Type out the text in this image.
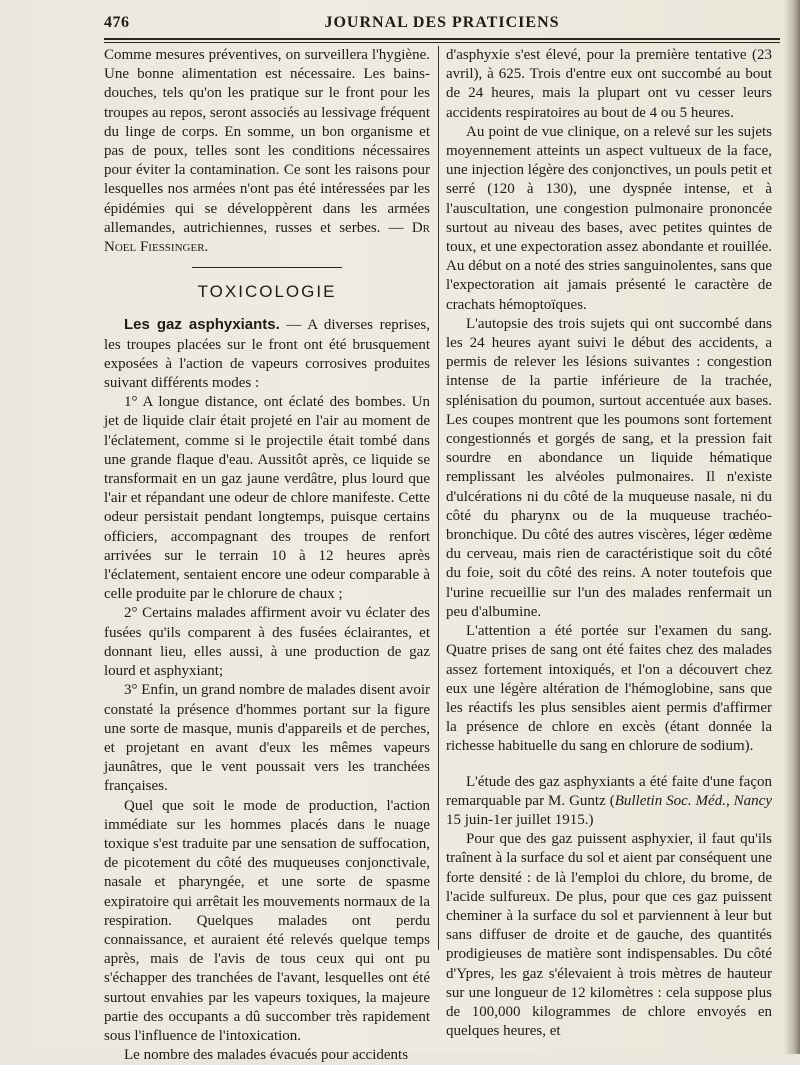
476	JOURNAL DES PRATICIENS

Comme mesures préventives, on surveillera l'hygiène. Une bonne alimentation est nécessaire. Les bains-douches, tels qu'on les pratique sur le front pour les troupes au repos, seront associés au lessivage fréquent du linge de corps. En somme, un bon organisme et pas de poux, telles sont les conditions nécessaires pour éviter la contamination. Ce sont les raisons pour lesquelles nos armées n'ont pas été intéressées par les épidémies qui se développèrent dans les armées allemandes, autrichiennes, russes et serbes. — Dr Noel Fiessinger.

TOXICOLOGIE

Les gaz asphyxiants. — A diverses reprises, les troupes placées sur le front ont été brusquement exposées à l'action de vapeurs corrosives produites suivant différents modes :

1° A longue distance, ont éclaté des bombes. Un jet de liquide clair était projeté en l'air au moment de l'éclatement, comme si le projectile était tombé dans une grande flaque d'eau. Aussitôt après, ce liquide se transformait en un gaz jaune verdâtre, plus lourd que l'air et répandant une odeur de chlore manifeste. Cette odeur persistait pendant longtemps, puisque certains officiers, accompagnant des troupes de renfort arrivées sur le terrain 10 à 12 heures après l'éclatement, sentaient encore une odeur comparable à celle produite par le chlorure de chaux ;

2° Certains malades affirment avoir vu éclater des fusées qu'ils comparent à des fusées éclairantes, et donnant lieu, elles aussi, à une production de gaz lourd et asphyxiant;

3° Enfin, un grand nombre de malades disent avoir constaté la présence d'hommes portant sur la figure une sorte de masque, munis d'appareils et de perches, et projetant en avant d'eux les mêmes vapeurs jaunâtres, que le vent poussait vers les tranchées françaises.

Quel que soit le mode de production, l'action immédiate sur les hommes placés dans le nuage toxique s'est traduite par une sensation de suffocation, de picotement du côté des muqueuses conjonctivale, nasale et pharyngée, et une sorte de spasme expiratoire qui arrêtait les mouvements normaux de la respiration. Quelques malades ont perdu connaissance, et auraient été relevés quelque temps après, mais de l'avis de tous ceux qui ont pu s'échapper des tranchées de l'avant, lesquelles ont été surtout envahies par les vapeurs toxiques, la majeure partie des occupants a dû succomber très rapidement sous l'influence de l'intoxication.

Le nombre des malades évacués pour accidents

d'asphyxie s'est élevé, pour la première tentative (23 avril), à 625. Trois d'entre eux ont succombé au bout de 24 heures, mais la plupart ont vu cesser leurs accidents respiratoires au bout de 4 ou 5 heures.

Au point de vue clinique, on a relevé sur les sujets moyennement atteints un aspect vultueux de la face, une injection légère des conjonctives, un pouls petit et serré (120 à 130), une dyspnée intense, et à l'auscultation, une congestion pulmonaire prononcée surtout au niveau des bases, avec petites quintes de toux, et une expectoration assez abondante et rouillée. Au début on a noté des stries sanguinolentes, sans que l'expectoration ait jamais présenté le caractère de crachats hémoptoïques.

L'autopsie des trois sujets qui ont succombé dans les 24 heures ayant suivi le début des accidents, a permis de relever les lésions suivantes : congestion intense de la partie inférieure de la trachée, splénisation du poumon, surtout accentuée aux bases. Les coupes montrent que les poumons sont fortement congestionnés et gorgés de sang, et la pression fait sourdre en abondance un liquide hématique remplissant les alvéoles pulmonaires. Il n'existe d'ulcérations ni du côté de la muqueuse nasale, ni du côté du pharynx ou de la muqueuse trachéo-bronchique. Du côté des autres viscères, léger œdème du cerveau, mais rien de caractéristique soit du côté du foie, soit du côté des reins. A noter toutefois que l'urine recueillie sur l'un des malades renfermait un peu d'albumine.

L'attention a été portée sur l'examen du sang. Quatre prises de sang ont été faites chez des malades assez fortement intoxiqués, et l'on a découvert chez eux une légère altération de l'hémoglobine, sans que les réactifs les plus sensibles aient permis d'affirmer la présence de chlore en excès (étant donnée la richesse habituelle du sang en chlorure de sodium).

L'étude des gaz asphyxiants a été faite d'une façon remarquable par M. Guntz (Bulletin Soc. Méd., Nancy 15 juin-1er juillet 1915.)

Pour que des gaz puissent asphyxier, il faut qu'ils traînent à la surface du sol et aient par conséquent une forte densité : de là l'emploi du chlore, du brome, de l'acide sulfureux. De plus, pour que ces gaz puissent cheminer à la surface du sol et parviennent à leur but sans diffuser de droite et de gauche, des quantités prodigieuses de matière sont indispensables. Du côté d'Ypres, les gaz s'élevaient à trois mètres de hauteur sur une longueur de 12 kilomètres : cela suppose plus de 100,000 kilogrammes de chlore envoyés en quelques heures, et
